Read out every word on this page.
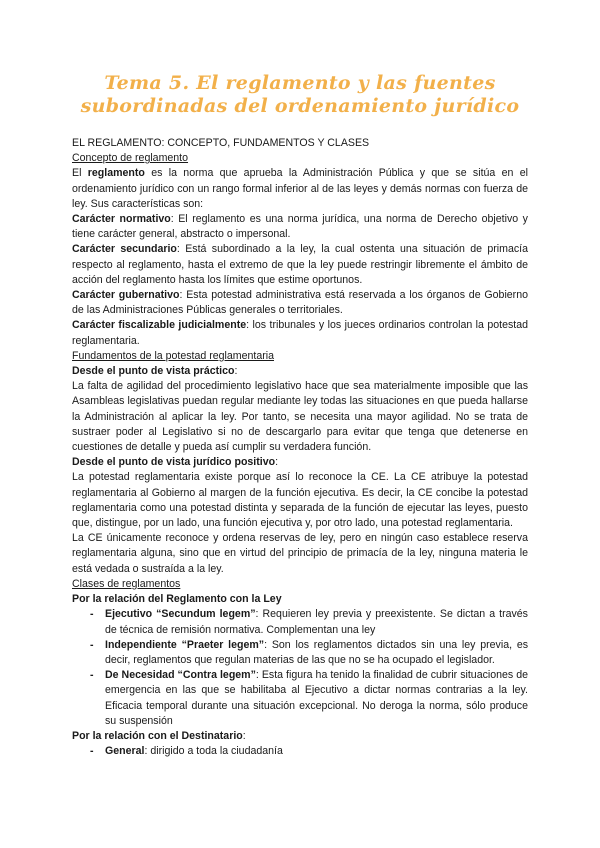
Tema 5. El reglamento y las fuentes
subordinadas del ordenamiento jurídico
EL REGLAMENTO: CONCEPTO, FUNDAMENTOS Y CLASES
Concepto de reglamento

El reglamento es la norma que aprueba la Administración Pública y que se sitúa en el ordenamiento jurídico con un rango formal inferior al de las leyes y demás normas con fuerza de ley. Sus características son:

Carácter normativo: El reglamento es una norma jurídica, una norma de Derecho objetivo y tiene carácter general, abstracto o impersonal.

Carácter secundario: Está subordinado a la ley, la cual ostenta una situación de primacía respecto al reglamento, hasta el extremo de que la ley puede restringir libremente el ámbito de acción del reglamento hasta los límites que estime oportunos.

Carácter gubernativo: Esta potestad administrativa está reservada a los órganos de Gobierno de las Administraciones Públicas generales o territoriales.

Carácter fiscalizable judicialmente: los tribunales y los jueces ordinarios controlan la potestad reglamentaria.

Fundamentos de la potestad reglamentaria
Desde el punto de vista práctico:

La falta de agilidad del procedimiento legislativo hace que sea materialmente imposible que las Asambleas legislativas puedan regular mediante ley todas las situaciones en que pueda hallarse la Administración al aplicar la ley. Por tanto, se necesita una mayor agilidad. No se trata de sustraer poder al Legislativo si no de descargarlo para evitar que tenga que detenerse en cuestiones de detalle y pueda así cumplir su verdadera función.

Desde el punto de vista jurídico positivo:

La potestad reglamentaria existe porque así lo reconoce la CE. La CE atribuye la potestad reglamentaria al Gobierno al margen de la función ejecutiva. Es decir, la CE concibe la potestad reglamentaria como una potestad distinta y separada de la función de ejecutar las leyes, puesto que, distingue, por un lado, una función ejecutiva y, por otro lado, una potestad reglamentaria.

La CE únicamente reconoce y ordena reservas de ley, pero en ningún caso establece reserva reglamentaria alguna, sino que en virtud del principio de primacía de la ley, ninguna materia le está vedada o sustraída a la ley.

Clases de reglamentos
Por la relación del Reglamento con la Ley
- Ejecutivo “Secundum legem”: Requieren ley previa y preexistente. Se dictan a través de técnica de remisión normativa. Complementan una ley
- Independiente “Praeter legem”: Son los reglamentos dictados sin una ley previa, es decir, reglamentos que regulan materias de las que no se ha ocupado el legislador.
- De Necesidad “Contra legem”: Esta figura ha tenido la finalidad de cubrir situaciones de emergencia en las que se habilitaba al Ejecutivo a dictar normas contrarias a la ley. Eficacia temporal durante una situación excepcional. No deroga la norma, sólo produce su suspensión
Por la relación con el Destinatario:
- General: dirigido a toda la ciudadanía
